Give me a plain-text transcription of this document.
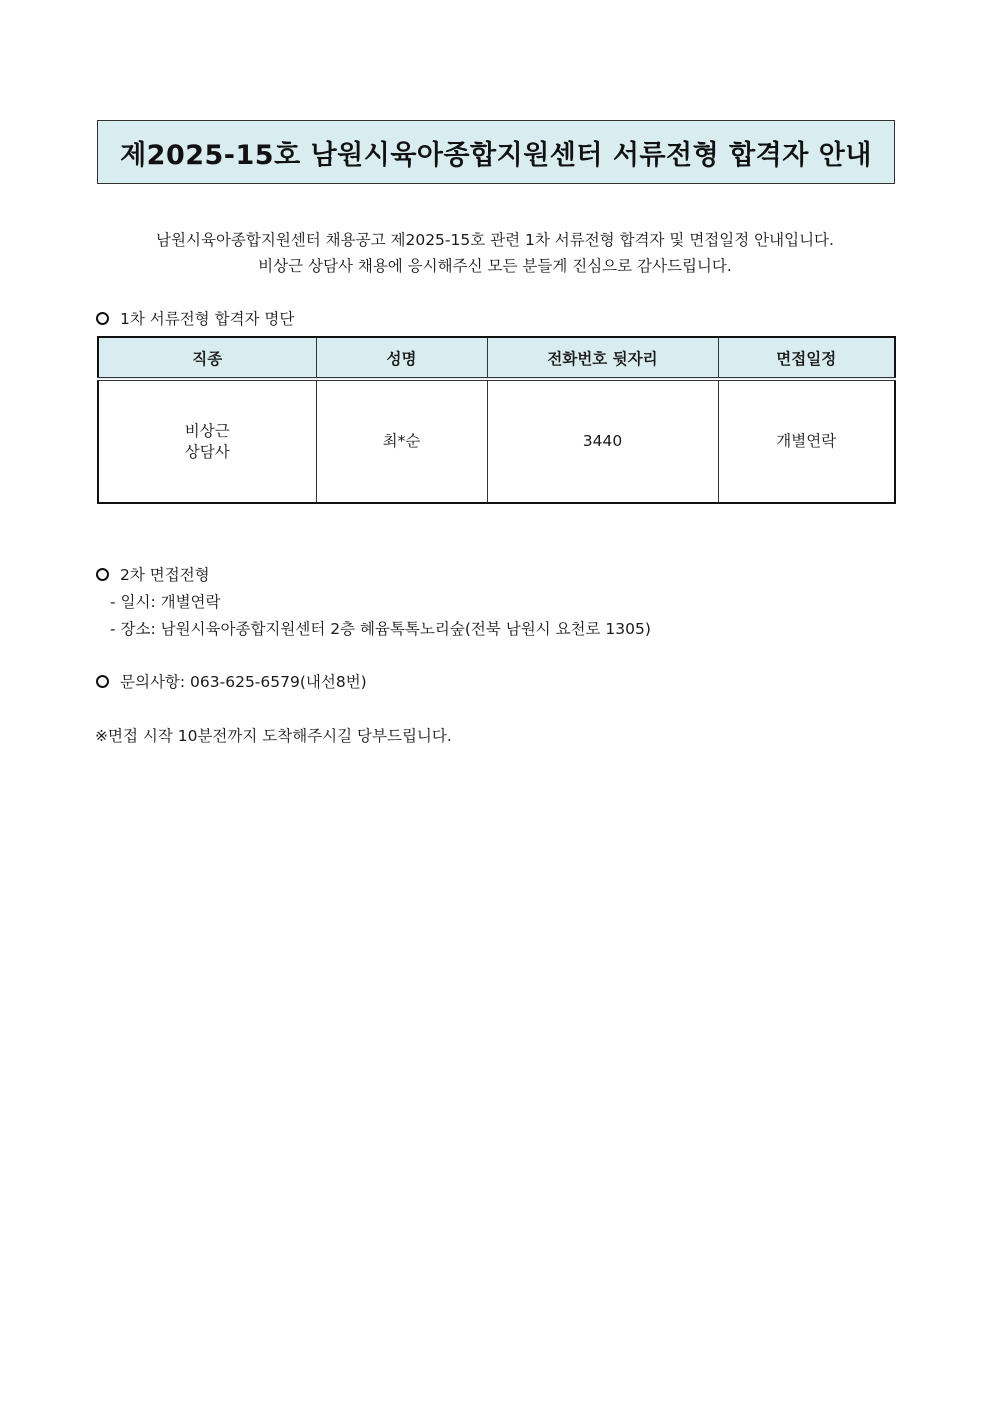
제2025-15호 남원시육아종합지원센터 서류전형 합격자 안내
남원시육아종합지원센터 채용공고 제2025-15호 관련 1차 서류전형 합격자 및 면접일정 안내입니다.
비상근 상담사 채용에 응시해주신 모든 분들게 진심으로 감사드립니다.
1차 서류전형 합격자 명단
직종	성명	전화번호 뒷자리	면접일정

비상근
상담사	최*순	3440	개별연락
2차 면접전형
- 일시: 개별연락
- 장소: 남원시육아종합지원센터 2층 혜윰톡톡노리숲(전북 남원시 요천로 1305)
문의사항: 063-625-6579(내선8번)
※면접 시작 10분전까지 도착해주시길 당부드립니다.
